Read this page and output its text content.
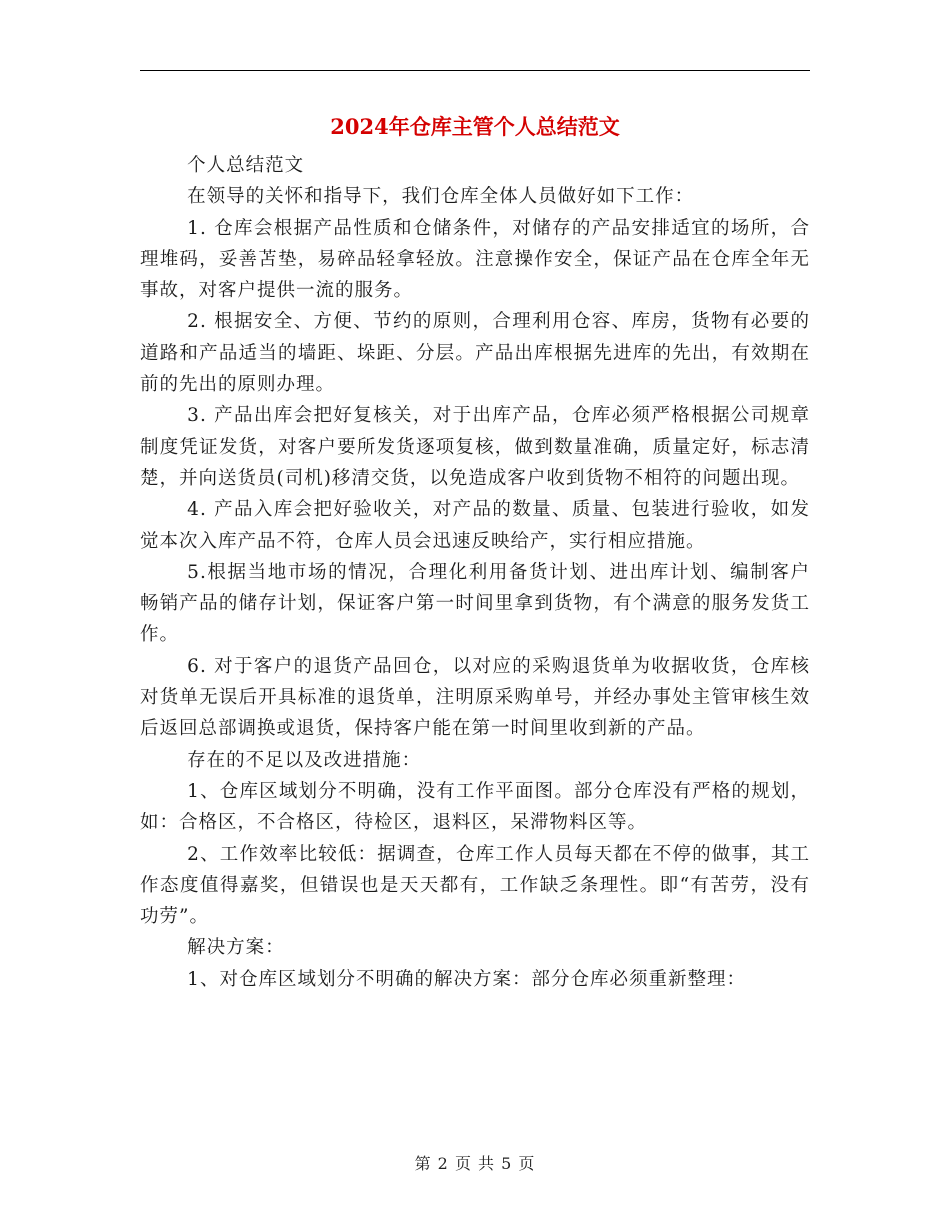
2024年仓库主管个人总结范文

个人总结范文

在领导的关怀和指导下，我们仓库全体人员做好如下工作：

1. 仓库会根据产品性质和仓储条件，对储存的产品安排适宜的场所，合理堆码，妥善苫垫，易碎品轻拿轻放。注意操作安全，保证产品在仓库全年无事故，对客户提供一流的服务。

2. 根据安全、方便、节约的原则，合理利用仓容、库房，货物有必要的道路和产品适当的墙距、垛距、分层。产品出库根据先进库的先出，有效期在前的先出的原则办理。

3. 产品出库会把好复核关，对于出库产品，仓库必须严格根据公司规章制度凭证发货，对客户要所发货逐项复核，做到数量准确，质量定好，标志清楚，并向送货员(司机)移清交货，以免造成客户收到货物不相符的问题出现。

4. 产品入库会把好验收关，对产品的数量、质量、包装进行验收，如发觉本次入库产品不符，仓库人员会迅速反映给产，实行相应措施。

5.根据当地市场的情况，合理化利用备货计划、进出库计划、编制客户畅销产品的储存计划，保证客户第一时间里拿到货物，有个满意的服务发货工作。

6. 对于客户的退货产品回仓，以对应的采购退货单为收据收货，仓库核对货单无误后开具标准的退货单，注明原采购单号，并经办事处主管审核生效后返回总部调换或退货，保持客户能在第一时间里收到新的产品。

存在的不足以及改进措施：

1、仓库区域划分不明确，没有工作平面图。部分仓库没有严格的规划，如：合格区，不合格区，待检区，退料区，呆滞物料区等。

2、工作效率比较低：据调查，仓库工作人员每天都在不停的做事，其工作态度值得嘉奖，但错误也是天天都有，工作缺乏条理性。即“有苦劳，没有功劳”。

解决方案：

1、对仓库区域划分不明确的解决方案：部分仓库必须重新整理：

第 2 页 共 5 页
